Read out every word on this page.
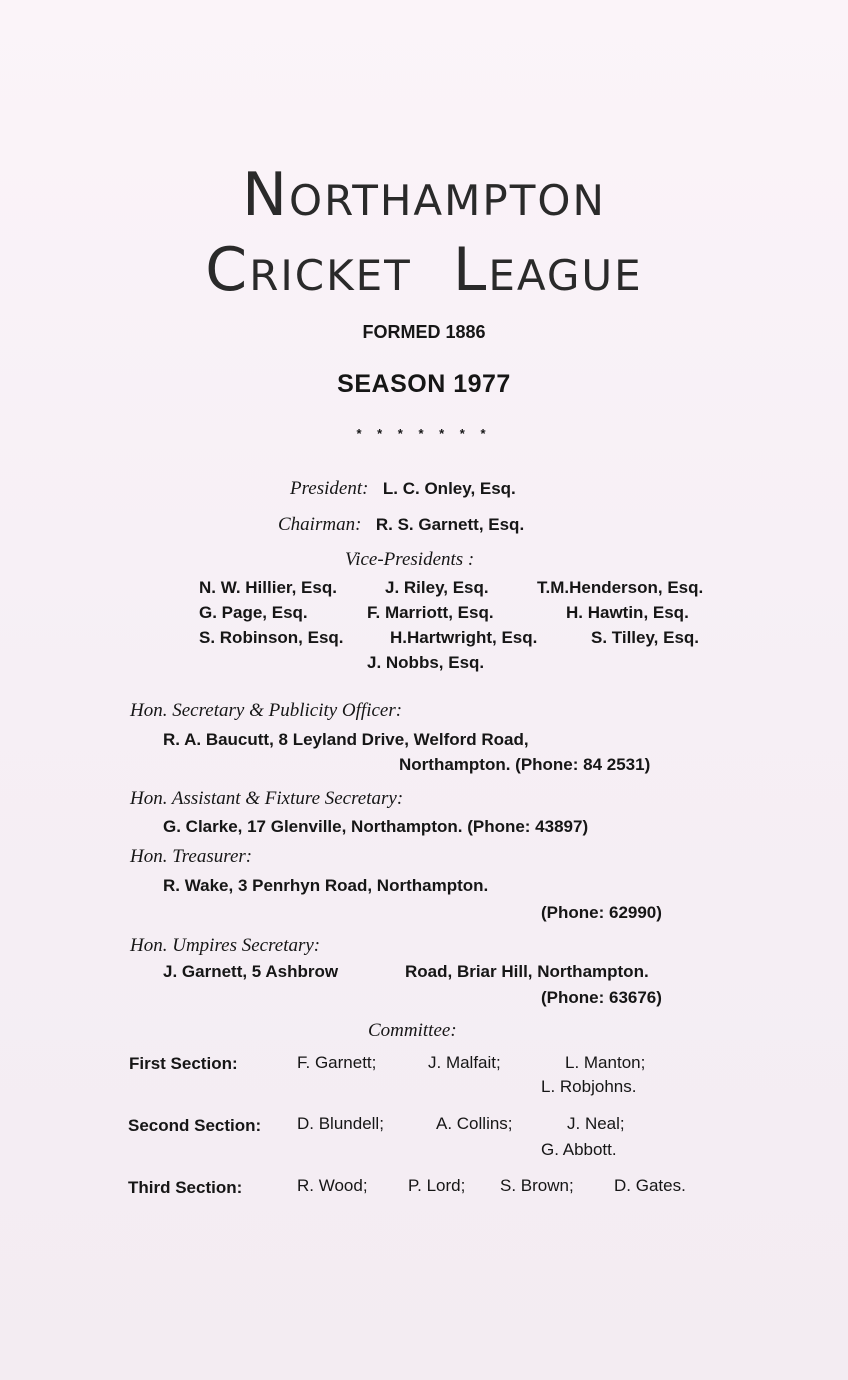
Northampton
Cricket League
FORMED 1886
SEASON 1977
* * * * * * *
President: L. C. Onley, Esq.
Chairman: R. S. Garnett, Esq.
Vice-Presidents :
N. W. Hillier, Esq.	J. Riley, Esq.	T.M.Henderson, Esq.
G. Page, Esq.	F. Marriott, Esq.	H. Hawtin, Esq.
S. Robinson, Esq.	H.Hartwright, Esq.	S. Tilley, Esq.
J. Nobbs, Esq.
Hon. Secretary & Publicity Officer:
R. A. Baucutt, 8 Leyland Drive, Welford Road,
Northampton. (Phone: 84 2531)
Hon. Assistant & Fixture Secretary:
G. Clarke, 17 Glenville, Northampton. (Phone: 43897)
Hon. Treasurer:
R. Wake, 3 Penrhyn Road, Northampton.
(Phone: 62990)
Hon. Umpires Secretary:
J. Garnett, 5 Ashbrow	Road, Briar Hill, Northampton.
(Phone: 63676)
Committee:
First Section:	F. Garnett;	J. Malfait;	L. Manton;
L. Robjohns.
Second Section: D. Blundell;	A. Collins;	J. Neal;
G. Abbott.
Third Section:	R. Wood; P. Lord; S. Brown; D. Gates.
